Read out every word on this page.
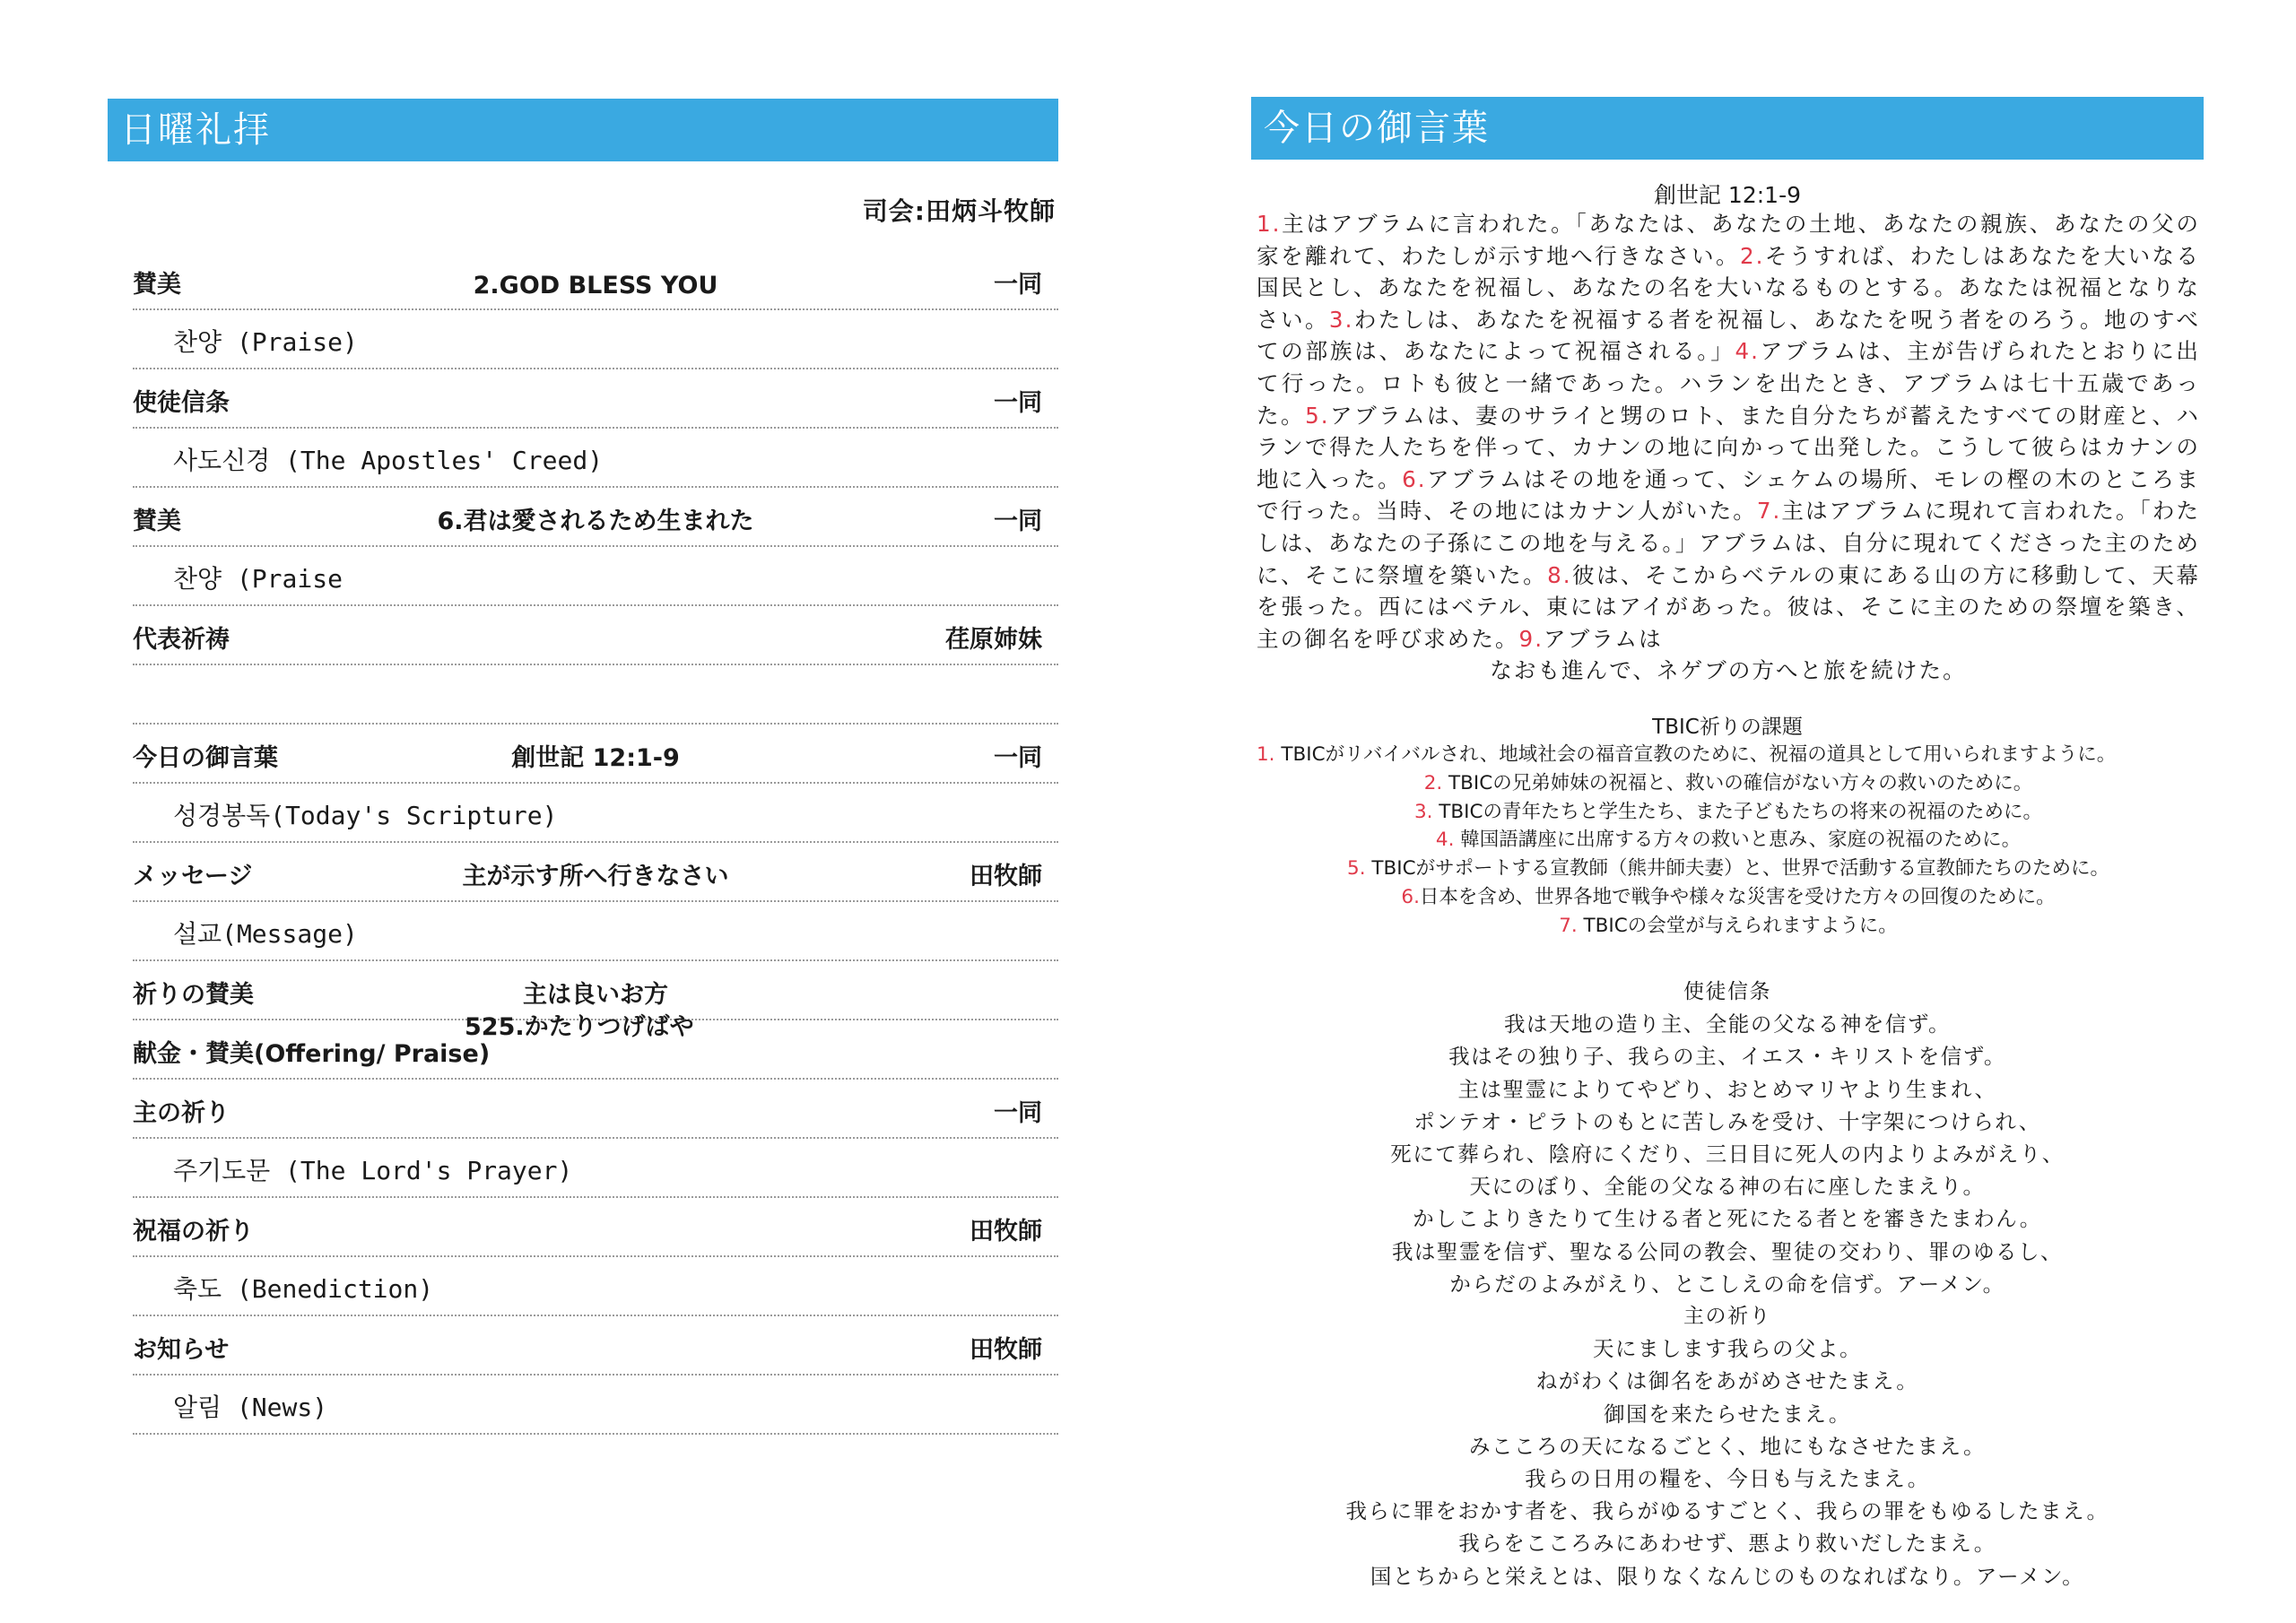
日曜礼拝
司会:田炳斗牧師
賛美	2.GOD BLESS YOU	一同
찬양 (Praise)
使徒信条	一同
사도신경 (The Apostles' Creed)
賛美	6.君は愛されるため生まれた	一同
찬양 (Praise
代表祈祷	荏原姉妹
今日の御言葉	創世記 12:1-9	一同
성경봉독(Today's Scripture)
メッセージ	主が示す所へ行きなさい	田牧師
설교(Message)
祈りの賛美	主は良いお方
献金・賛美(Offering/ Praise)
525.かたりつげばや
主の祈り	一同
주기도문 (The Lord's Prayer)
祝福の祈り	田牧師
축도 (Benediction)
お知らせ	田牧師
알림 (News)
今日の御言葉
創世記 12:1-9
1.主はアブラムに言われた。「あなたは、あなたの土地、あなたの親族、あなたの父の家を離れて、わたしが示す地へ行きなさい。2.そうすれば、わたしはあなたを大いなる国民とし、あなたを祝福し、あなたの名を大いなるものとする。あなたは祝福となりなさい。3.わたしは、あなたを祝福する者を祝福し、あなたを呪う者をのろう。地のすべての部族は、あなたによって祝福される。」4.アブラムは、主が告げられたとおりに出て行った。ロトも彼と一緒であった。ハランを出たとき、アブラムは七十五歳であった。5.アブラムは、妻のサライと甥のロト、また自分たちが蓄えたすべての財産と、ハランで得た人たちを伴って、カナンの地に向かって出発した。こうして彼らはカナンの地に入った。6.アブラムはその地を通って、シェケムの場所、モレの樫の木のところまで行った。当時、その地にはカナン人がいた。7.主はアブラムに現れて言われた。「わたしは、あなたの子孫にこの地を与える。」アブラムは、自分に現れてくださった主のために、そこに祭壇を築いた。8.彼は、そこからベテルの東にある山の方に移動して、天幕を張った。西にはベテル、東にはアイがあった。彼は、そこに主のための祭壇を築き、主の御名を呼び求めた。9.アブラムは
なおも進んで、ネゲブの方へと旅を続けた。
TBIC祈りの課題
1. TBICがリバイバルされ、地域社会の福音宣教のために、祝福の道具として用いられますように。
2. TBICの兄弟姉妹の祝福と、救いの確信がない方々の救いのために。
3. TBICの青年たちと学生たち、また子どもたちの将来の祝福のために。
4. 韓国語講座に出席する方々の救いと恵み、家庭の祝福のために。
5. TBICがサポートする宣教師（熊井師夫妻）と、世界で活動する宣教師たちのために。
6.日本を含め、世界各地で戦争や様々な災害を受けた方々の回復のために。
7. TBICの会堂が与えられますように。
使徒信条
我は天地の造り主、全能の父なる神を信ず。
我はその独り子、我らの主、イエス・キリストを信ず。
主は聖霊によりてやどり、おとめマリヤより生まれ、
ポンテオ・ピラトのもとに苦しみを受け、十字架につけられ、
死にて葬られ、陰府にくだり、三日目に死人の内よりよみがえり、
天にのぼり、全能の父なる神の右に座したまえり。
かしこよりきたりて生ける者と死にたる者とを審きたまわん。
我は聖霊を信ず、聖なる公同の教会、聖徒の交わり、罪のゆるし、
からだのよみがえり、とこしえの命を信ず。アーメン。
主の祈り
天にまします我らの父よ。
ねがわくは御名をあがめさせたまえ。
御国を来たらせたまえ。
みこころの天になるごとく、地にもなさせたまえ。
我らの日用の糧を、今日も与えたまえ。
我らに罪をおかす者を、我らがゆるすごとく、我らの罪をもゆるしたまえ。
我らをこころみにあわせず、悪より救いだしたまえ。
国とちからと栄えとは、限りなくなんじのものなればなり。アーメン。
